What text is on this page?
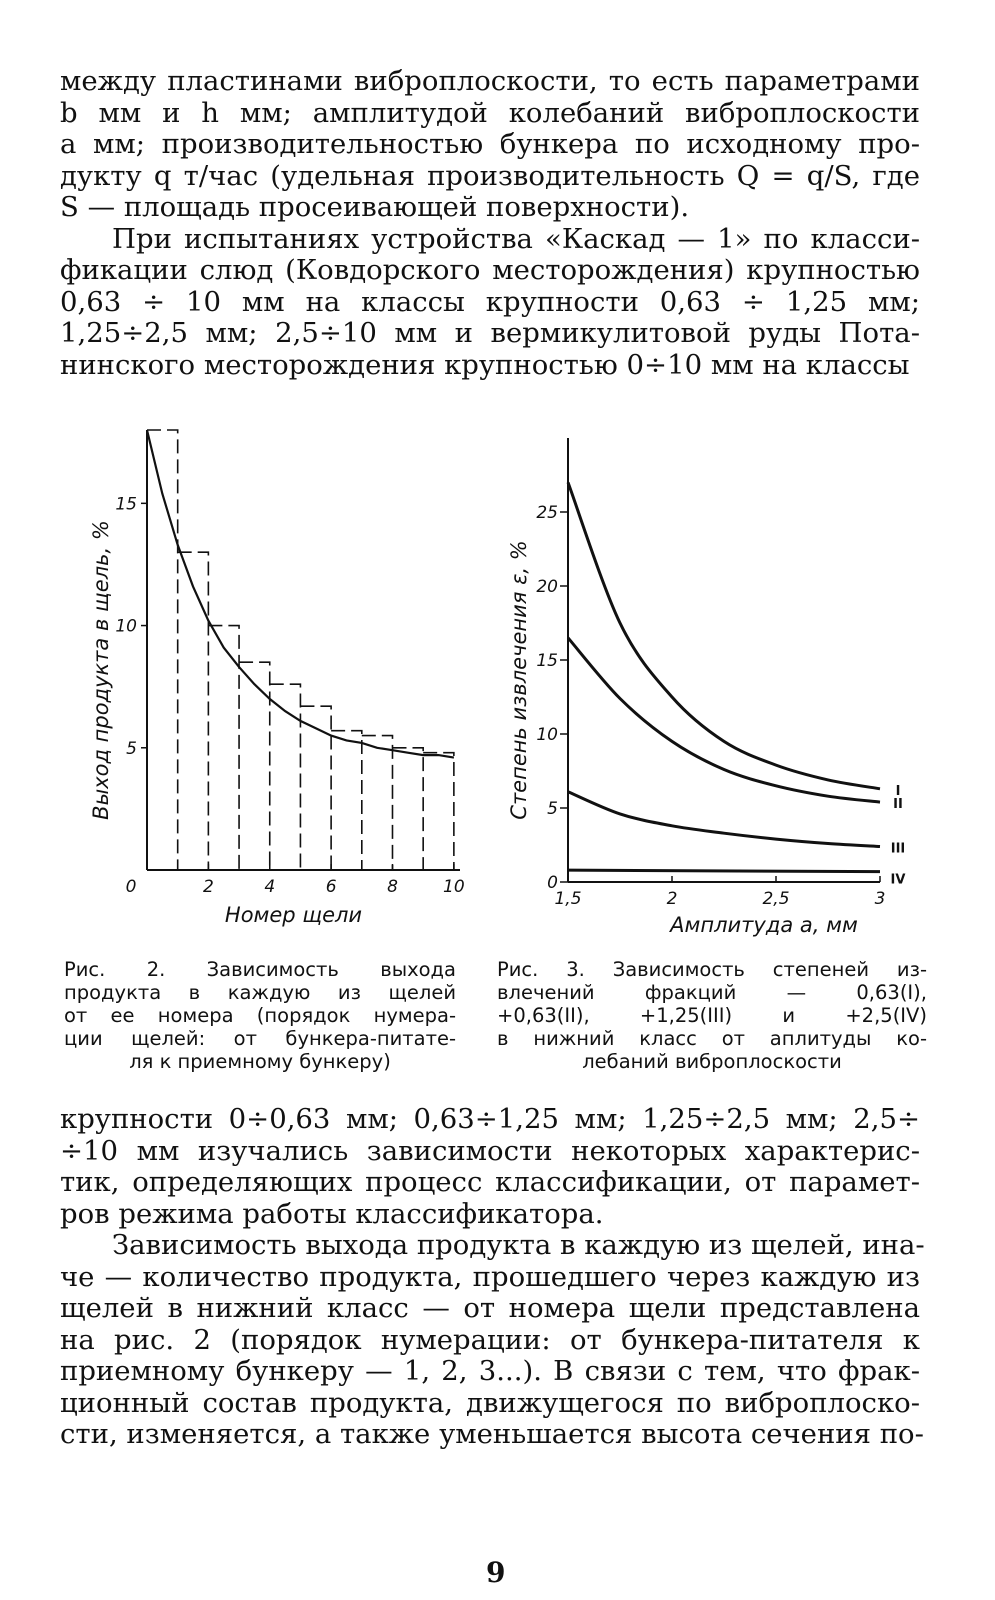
между пластинами виброплоскости, то есть параметрами
b мм и h мм; амплитудой колебаний виброплоскости
a мм; производительностью бункера по исходному про-
дукту q т/час (удельная производительность Q = q/S, где
S — площадь просеивающей поверхности).
При испытаниях устройства «Каскад — 1» по класси-
фикации слюд (Ковдорского месторождения) крупностью
0,63 ÷ 10 мм на классы крупности 0,63 ÷ 1,25 мм;
1,25÷2,5 мм; 2,5÷10 мм и вермикулитовой руды Пота-
нинского месторождения крупностью 0÷10 мм на классы
0	2	4	6	8	10
5
10
15
Номер щели
Выход продукта в щель, %	I
II
III
IV
1,5	2	2,5	3
0
5
10
15
20
25
Амплитуда a, мм
Степень извлечения ε, %
Рис. 2. Зависимость выхода
продукта в каждую из щелей
от ее номера (порядок нумера-
ции щелей: от бункера-питате-
ля к приемному бункеру)
Рис. 3. Зависимость степеней из-
влечений фракций — 0,63(I),
+0,63(II), +1,25(III) и +2,5(IV)
в нижний класс от аплитуды ко-
лебаний виброплоскости
крупности 0÷0,63 мм; 0,63÷1,25 мм; 1,25÷2,5 мм; 2,5÷
÷10 мм изучались зависимости некоторых характерис-
тик, определяющих процесс классификации, от парамет-
ров режима работы классификатора.
Зависимость выхода продукта в каждую из щелей, ина-
че — количество продукта, прошедшего через каждую из
щелей в нижний класс — от номера щели представлена
на рис. 2 (порядок нумерации: от бункера-питателя к
приемному бункеру — 1, 2, 3...). В связи с тем, что фрак-
ционный состав продукта, движущегося по виброплоско-
сти, изменяется, а также уменьшается высота сечения по-
9
